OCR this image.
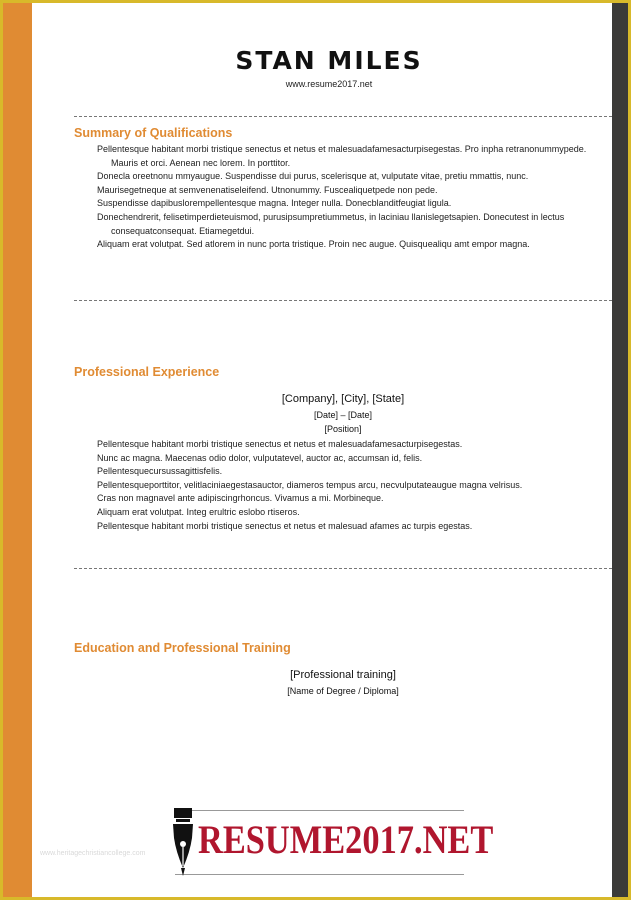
STAN MILES
www.resume2017.net
Summary of Qualifications
Pellentesque habitant morbi tristique senectus et netus et malesuadafamesacturpisegestas. Pro inpha retranonummypede. Mauris et orci. Aenean nec lorem. In porttitor.
Donecla oreetnonu mmyaugue. Suspendisse dui purus, scelerisque at, vulputate vitae, pretiu mmattis, nunc.
Maurisegetneque at semvenenatiseleifend. Utnonummy. Fuscealiquetpede non pede.
Suspendisse dapibuslorempellentesque magna. Integer nulla. Donecblanditfeugiat ligula.
Donechendrerit, felisetimperdieteuismod, purusipsumpretiummetus, in laciniau llanislegetsapien. Donecutest in lectus consequatconsequat. Etiamegetdui.
Aliquam erat volutpat. Sed atlorem in nunc porta tristique. Proin nec augue. Quisquealiqu amt empor magna.
Professional Experience
[Company], [City], [State]
[Date] – [Date]
[Position]
Pellentesque habitant morbi tristique senectus et netus et malesuadafamesacturpisegestas.
Nunc ac magna. Maecenas odio dolor, vulputatevel, auctor ac, accumsan id, felis.
Pellentesquecursussagittisfelis.
Pellentesqueporttitor, velitlaciniaegestasauctor, diameros tempus arcu, necvulputateaugue magna velrisus.
Cras non magnavel ante adipiscingrhoncus. Vivamus a mi. Morbineque.
Aliquam erat volutpat. Integ erultric eslobo rtiseros.
Pellentesque habitant morbi tristique senectus et netus et malesuad afames ac turpis egestas.
Education and Professional Training
[Professional training]
[Name of Degree / Diploma]
www.heritagechristiancollege.com RESUME2017.NET
